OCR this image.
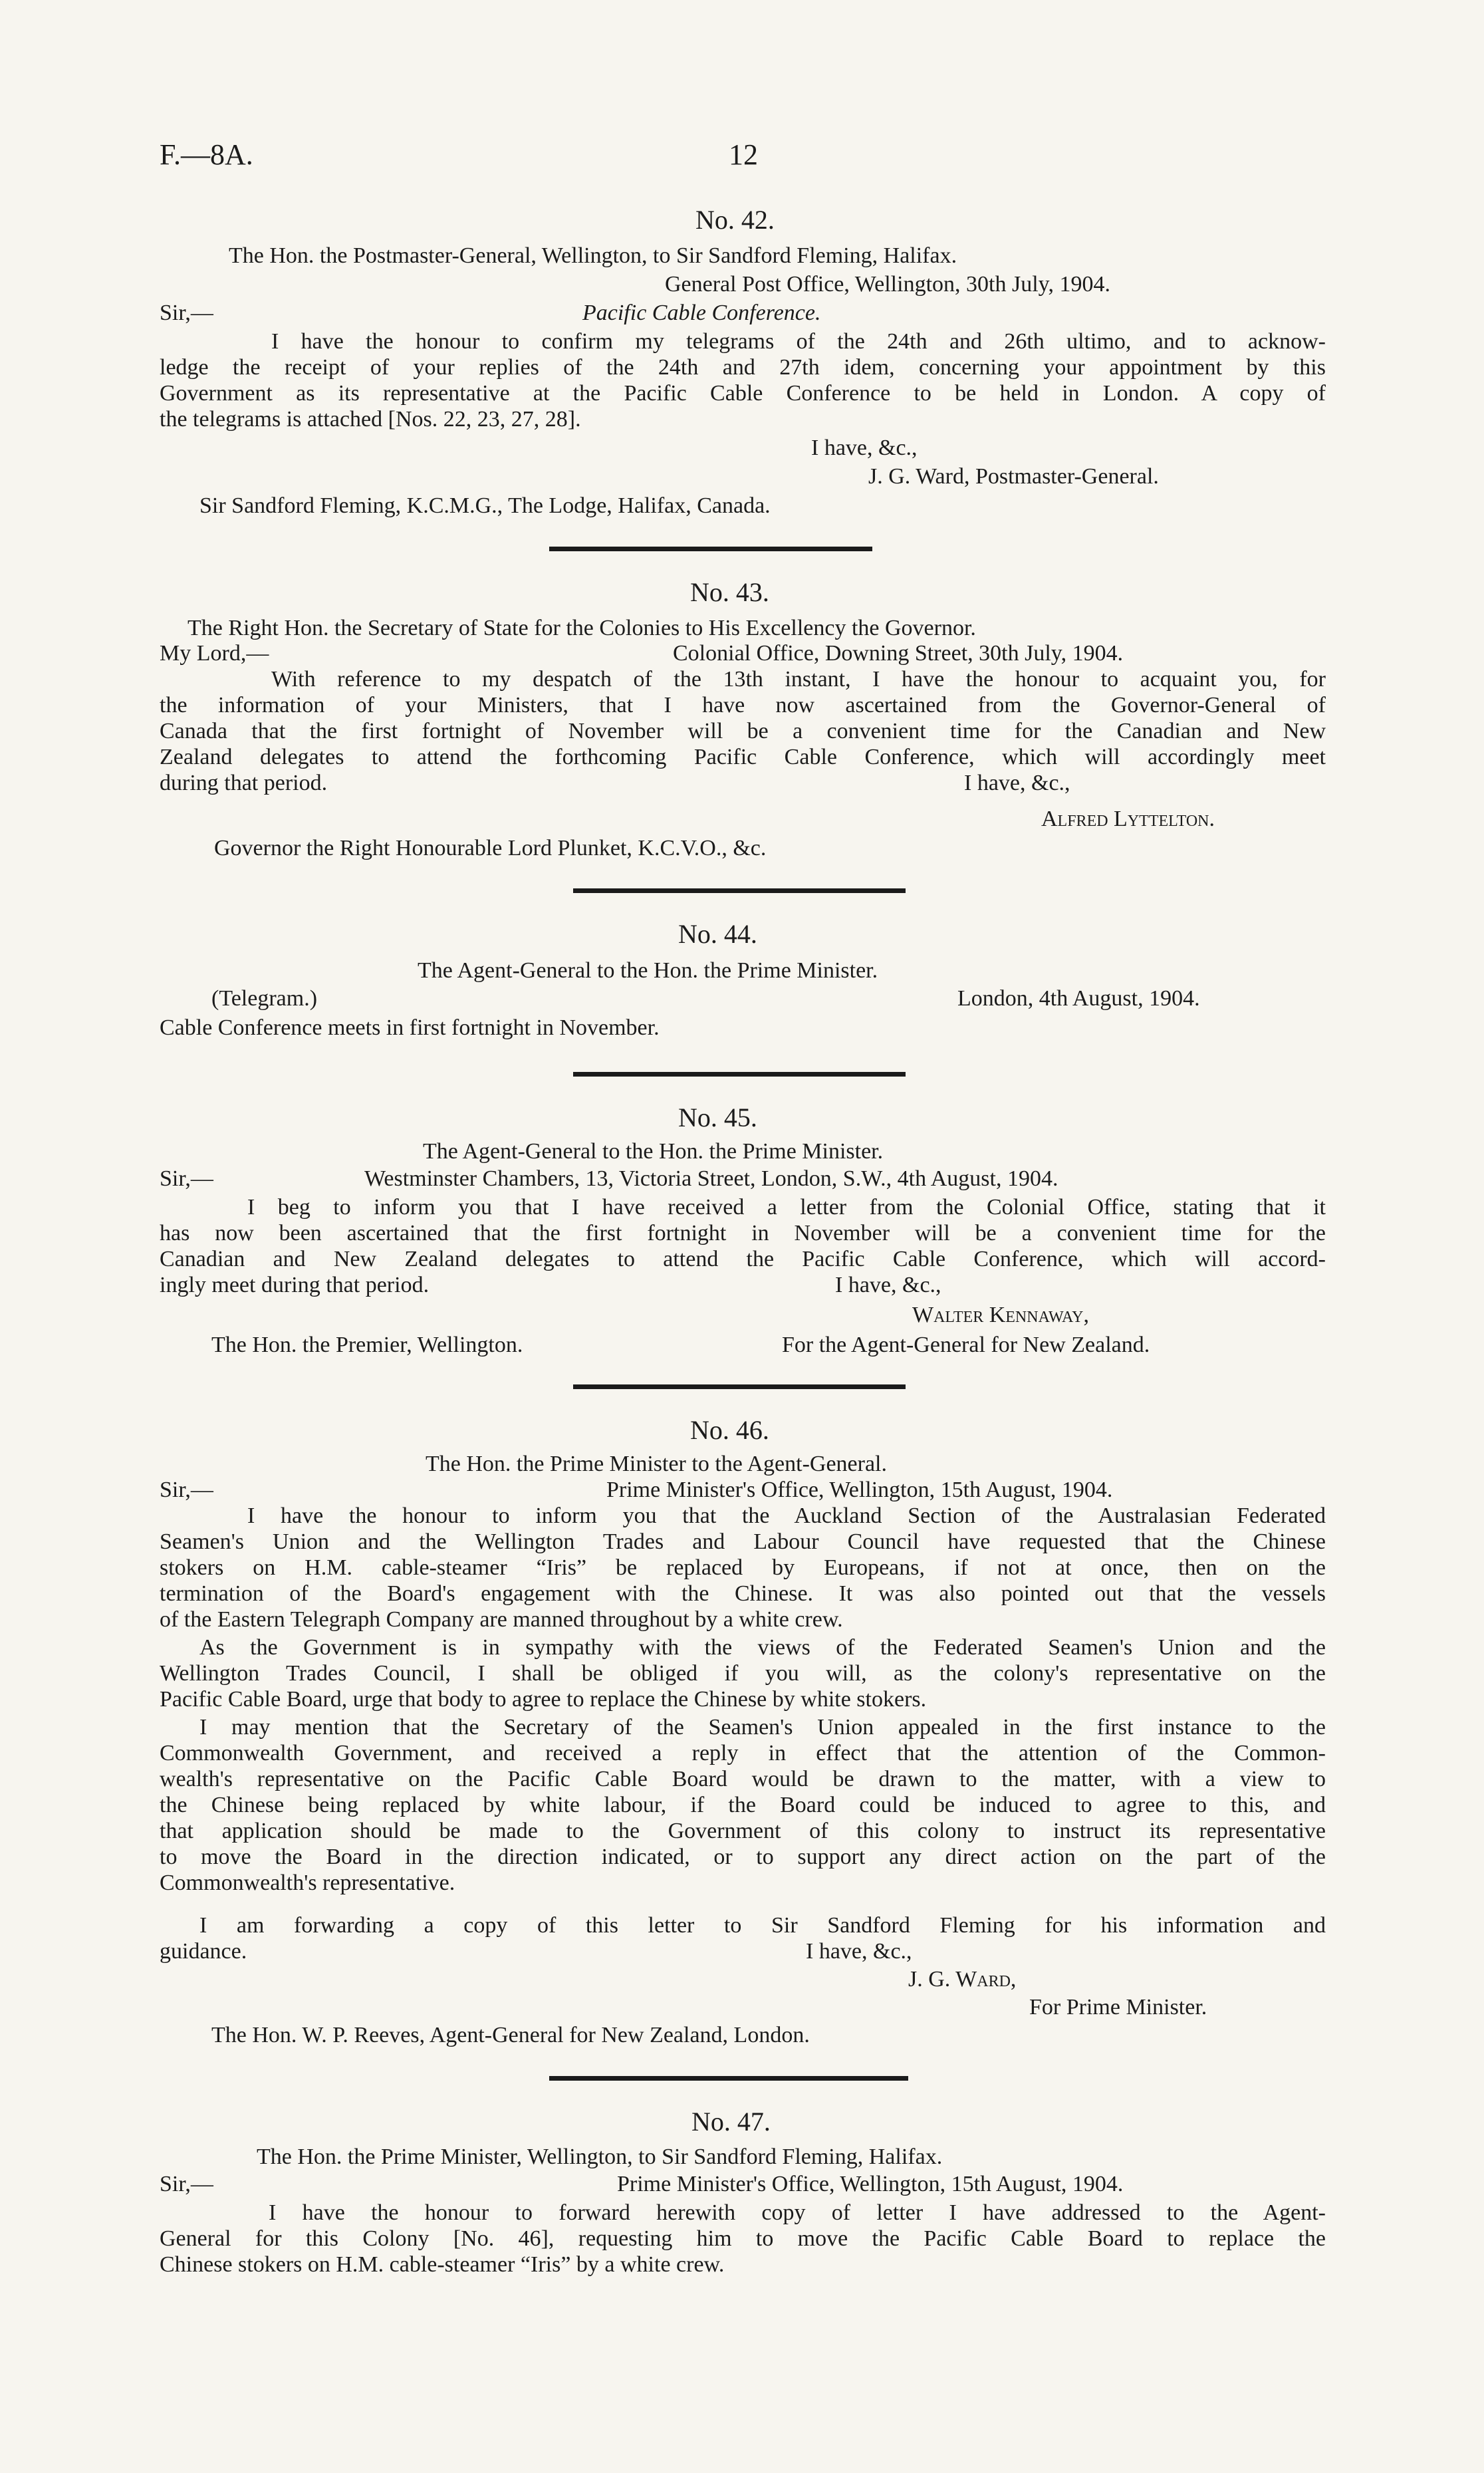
F.—8A.	12
No. 42.
The Hon. the Postmaster-General, Wellington, to Sir Sandford Fleming, Halifax.
General Post Office, Wellington, 30th July, 1904.
Sir,—	Pacific Cable Conference.
I have the honour to confirm my telegrams of the 24th and 26th ultimo, and to acknow-
ledge the receipt of your replies of the 24th and 27th idem, concerning your appointment by this
Government as its representative at the Pacific Cable Conference to be held in London. A copy of
the telegrams is attached [Nos. 22, 23, 27, 28].
I have, &c.,
J. G. Ward, Postmaster-General.
Sir Sandford Fleming, K.C.M.G., The Lodge, Halifax, Canada.
No. 43.
The Right Hon. the Secretary of State for the Colonies to His Excellency the Governor.
My Lord,—	Colonial Office, Downing Street, 30th July, 1904.
With reference to my despatch of the 13th instant, I have the honour to acquaint you, for
the information of your Ministers, that I have now ascertained from the Governor-General of
Canada that the first fortnight of November will be a convenient time for the Canadian and New
Zealand delegates to attend the forthcoming Pacific Cable Conference, which will accordingly meet
during that period.	I have, &c.,
Alfred Lyttelton.
Governor the Right Honourable Lord Plunket, K.C.V.O., &c.
No. 44.
The Agent-General to the Hon. the Prime Minister.
(Telegram.)	London, 4th August, 1904.
Cable Conference meets in first fortnight in November.
No. 45.
The Agent-General to the Hon. the Prime Minister.
Sir,—	Westminster Chambers, 13, Victoria Street, London, S.W., 4th August, 1904.
I beg to inform you that I have received a letter from the Colonial Office, stating that it
has now been ascertained that the first fortnight in November will be a convenient time for the
Canadian and New Zealand delegates to attend the Pacific Cable Conference, which will accord-
ingly meet during that period.	I have, &c.,
Walter Kennaway,
The Hon. the Premier, Wellington.	For the Agent-General for New Zealand.
No. 46.
The Hon. the Prime Minister to the Agent-General.
Sir,—	Prime Minister's Office, Wellington, 15th August, 1904.
I have the honour to inform you that the Auckland Section of the Australasian Federated
Seamen's Union and the Wellington Trades and Labour Council have requested that the Chinese
stokers on H.M. cable-steamer “Iris” be replaced by Europeans, if not at once, then on the
termination of the Board's engagement with the Chinese. It was also pointed out that the vessels
of the Eastern Telegraph Company are manned throughout by a white crew.
As the Government is in sympathy with the views of the Federated Seamen's Union and the
Wellington Trades Council, I shall be obliged if you will, as the colony's representative on the
Pacific Cable Board, urge that body to agree to replace the Chinese by white stokers.
I may mention that the Secretary of the Seamen's Union appealed in the first instance to the
Commonwealth Government, and received a reply in effect that the attention of the Common-
wealth's representative on the Pacific Cable Board would be drawn to the matter, with a view to
the Chinese being replaced by white labour, if the Board could be induced to agree to this, and
that application should be made to the Government of this colony to instruct its representative
to move the Board in the direction indicated, or to support any direct action on the part of the
Commonwealth's representative.
I am forwarding a copy of this letter to Sir Sandford Fleming for his information and
guidance.	I have, &c.,
J. G. Ward,
For Prime Minister.
The Hon. W. P. Reeves, Agent-General for New Zealand, London.
No. 47.
The Hon. the Prime Minister, Wellington, to Sir Sandford Fleming, Halifax.
Sir,—	Prime Minister's Office, Wellington, 15th August, 1904.
I have the honour to forward herewith copy of letter I have addressed to the Agent-
General for this Colony [No. 46], requesting him to move the Pacific Cable Board to replace the
Chinese stokers on H.M. cable-steamer “Iris” by a white crew.
